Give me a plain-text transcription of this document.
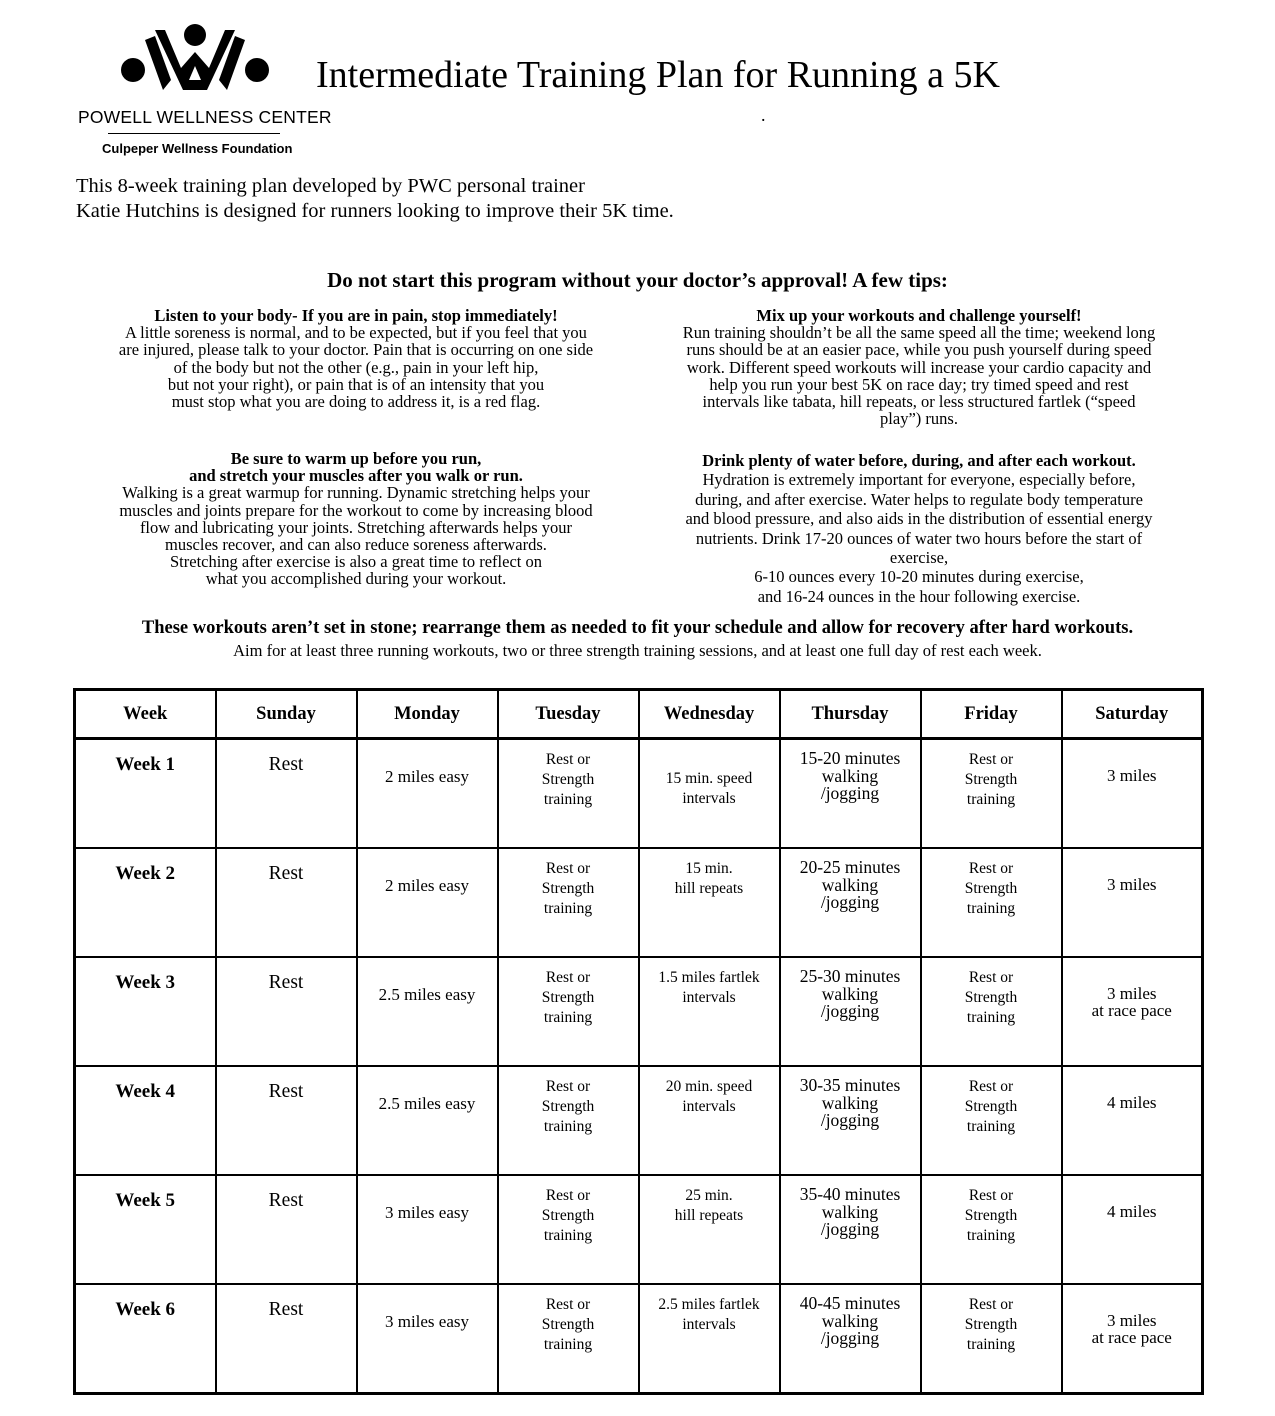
POWELL WELLNESS CENTER
Culpeper Wellness Foundation
Intermediate Training Plan for Running a 5K
.
This 8-week training plan developed by PWC personal trainer
Katie Hutchins is designed for runners looking to improve their 5K time.
Do not start this program without your doctor’s approval! A few tips:
Listen to your body- If you are in pain, stop immediately!
A little soreness is normal, and to be expected, but if you feel that you
are injured, please talk to your doctor. Pain that is occurring on one side
of the body but not the other (e.g., pain in your left hip,
but not your right), or pain that is of an intensity that you
must stop what you are doing to address it, is a red flag.
Mix up your workouts and challenge yourself!
Run training shouldn’t be all the same speed all the time; weekend long
runs should be at an easier pace, while you push yourself during speed
work. Different speed workouts will increase your cardio capacity and
help you run your best 5K on race day; try timed speed and rest
intervals like tabata, hill repeats, or less structured fartlek (“speed
play”) runs.
Be sure to warm up before you run,
and stretch your muscles after you walk or run.
Walking is a great warmup for running. Dynamic stretching helps your
muscles and joints prepare for the workout to come by increasing blood
flow and lubricating your joints. Stretching afterwards helps your
muscles recover, and can also reduce soreness afterwards.
Stretching after exercise is also a great time to reflect on
what you accomplished during your workout.
Drink plenty of water before, during, and after each workout.
Hydration is extremely important for everyone, especially before,
during, and after exercise. Water helps to regulate body temperature
and blood pressure, and also aids in the distribution of essential energy
nutrients. Drink 17-20 ounces of water two hours before the start of
exercise,
6-10 ounces every 10-20 minutes during exercise,
and 16-24 ounces in the hour following exercise.
These workouts aren’t set in stone; rearrange them as needed to fit your schedule and allow for recovery after hard workouts.
Aim for at least three running workouts, two or three strength training sessions, and at least one full day of rest each week.
Week	Sunday	Monday	Tuesday	Wednesday	Thursday	Friday	Saturday

Week 1	Rest	2 miles easy	Rest or
Strength
training	15 min. speed
intervals	15-20 minutes
walking
/jogging	Rest or
Strength
training	3 miles

Week 2	Rest	2 miles easy	Rest or
Strength
training	15 min.
hill repeats	20-25 minutes
walking
/jogging	Rest or
Strength
training	3 miles

Week 3	Rest	2.5 miles easy	Rest or
Strength
training	1.5 miles fartlek
intervals	25-30 minutes
walking
/jogging	Rest or
Strength
training	3 miles
at race pace

Week 4	Rest	2.5 miles easy	Rest or
Strength
training	20 min. speed
intervals	30-35 minutes
walking
/jogging	Rest or
Strength
training	4 miles

Week 5	Rest	3 miles easy	Rest or
Strength
training	25 min.
hill repeats	35-40 minutes
walking
/jogging	Rest or
Strength
training	4 miles

Week 6	Rest	3 miles easy	Rest or
Strength
training	2.5 miles fartlek
intervals	40-45 minutes
walking
/jogging	Rest or
Strength
training	3 miles
at race pace
